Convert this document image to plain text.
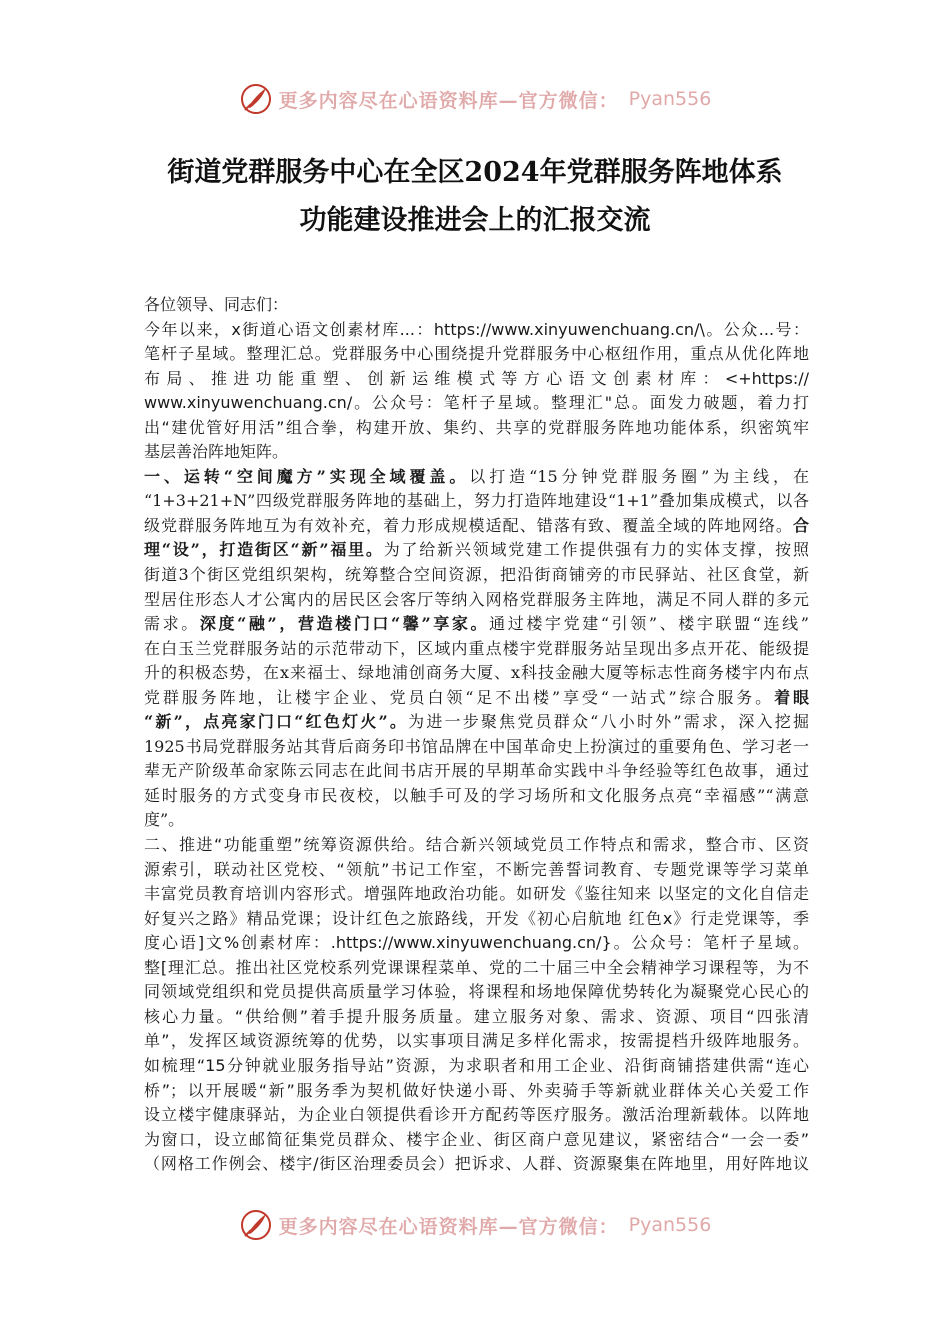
更多内容尽在心语资料库—官方微信： Pyan556
街道党群服务中心在全区2024年党群服务阵地体系
功能建设推进会上的汇报交流
各位领导、同志们：
今年以来，x街道心语文创素材库...：https://www.xinyuwenchuang.cn/\。公众...号：
笔杆子星域。整理汇总。党群服务中心围绕提升党群服务中心枢纽作用，重点从优化阵地
布局、推进功能重塑、创新运维模式等方心语文创素材库：<+https://
www.xinyuwenchuang.cn/。公众号：笔杆子星域。整理汇"总。面发力破题，着力打
出“建优管好用活”组合拳，构建开放、集约、共享的党群服务阵地功能体系，织密筑牢
基层善治阵地矩阵。
一、运转“空间魔方”实现全域覆盖。以打造“15分钟党群服务圈”为主线，在
“1+3+21+N”四级党群服务阵地的基础上，努力打造阵地建设“1+1”叠加集成模式，以各
级党群服务阵地互为有效补充，着力形成规模适配、错落有致、覆盖全域的阵地网络。合
理“设”，打造街区“新”福里。为了给新兴领域党建工作提供强有力的实体支撑，按照
街道3个街区党组织架构，统筹整合空间资源，把沿街商铺旁的市民驿站、社区食堂，新
型居住形态人才公寓内的居民区会客厅等纳入网格党群服务主阵地，满足不同人群的多元
需求。深度“融”，营造楼门口“馨”享家。通过楼宇党建“引领”、楼宇联盟“连线”
在白玉兰党群服务站的示范带动下，区域内重点楼宇党群服务站呈现出多点开花、能级提
升的积极态势，在x来福士、绿地浦创商务大厦、x科技金融大厦等标志性商务楼宇内布点
党群服务阵地，让楼宇企业、党员白领“足不出楼”享受“一站式”综合服务。着眼
“新”，点亮家门口“红色灯火”。为进一步聚焦党员群众“八小时外”需求，深入挖掘
1925书局党群服务站其背后商务印书馆品牌在中国革命史上扮演过的重要角色、学习老一
辈无产阶级革命家陈云同志在此间书店开展的早期革命实践中斗争经验等红色故事，通过
延时服务的方式变身市民夜校，以触手可及的学习场所和文化服务点亮“幸福感”“满意
度”。
二、推进“功能重塑”统筹资源供给。结合新兴领域党员工作特点和需求，整合市、区资
源索引，联动社区党校、“领航”书记工作室，不断完善誓词教育、专题党课等学习菜单
丰富党员教育培训内容形式。增强阵地政治功能。如研发《鉴往知来 以坚定的文化自信走
好复兴之路》精品党课；设计红色之旅路线，开发《初心启航地 红色x》行走党课等，季
度心语]文%创素材库：.https://www.xinyuwenchuang.cn/}。公众号：笔杆子星域。
整[理汇总。推出社区党校系列党课课程菜单、党的二十届三中全会精神学习课程等，为不
同领域党组织和党员提供高质量学习体验，将课程和场地保障优势转化为凝聚党心民心的
核心力量。“供给侧”着手提升服务质量。建立服务对象、需求、资源、项目“四张清
单”，发挥区域资源统筹的优势，以实事项目满足多样化需求，按需提档升级阵地服务。
如梳理“15分钟就业服务指导站”资源，为求职者和用工企业、沿街商铺搭建供需“连心
桥”；以开展暖“新”服务季为契机做好快递小哥、外卖骑手等新就业群体关心关爱工作
设立楼宇健康驿站，为企业白领提供看诊开方配药等医疗服务。激活治理新载体。以阵地
为窗口，设立邮简征集党员群众、楼宇企业、街区商户意见建议，紧密结合“一会一委”
（网格工作例会、楼宇/街区治理委员会）把诉求、人群、资源聚集在阵地里，用好阵地议
更多内容尽在心语资料库—官方微信： Pyan556
